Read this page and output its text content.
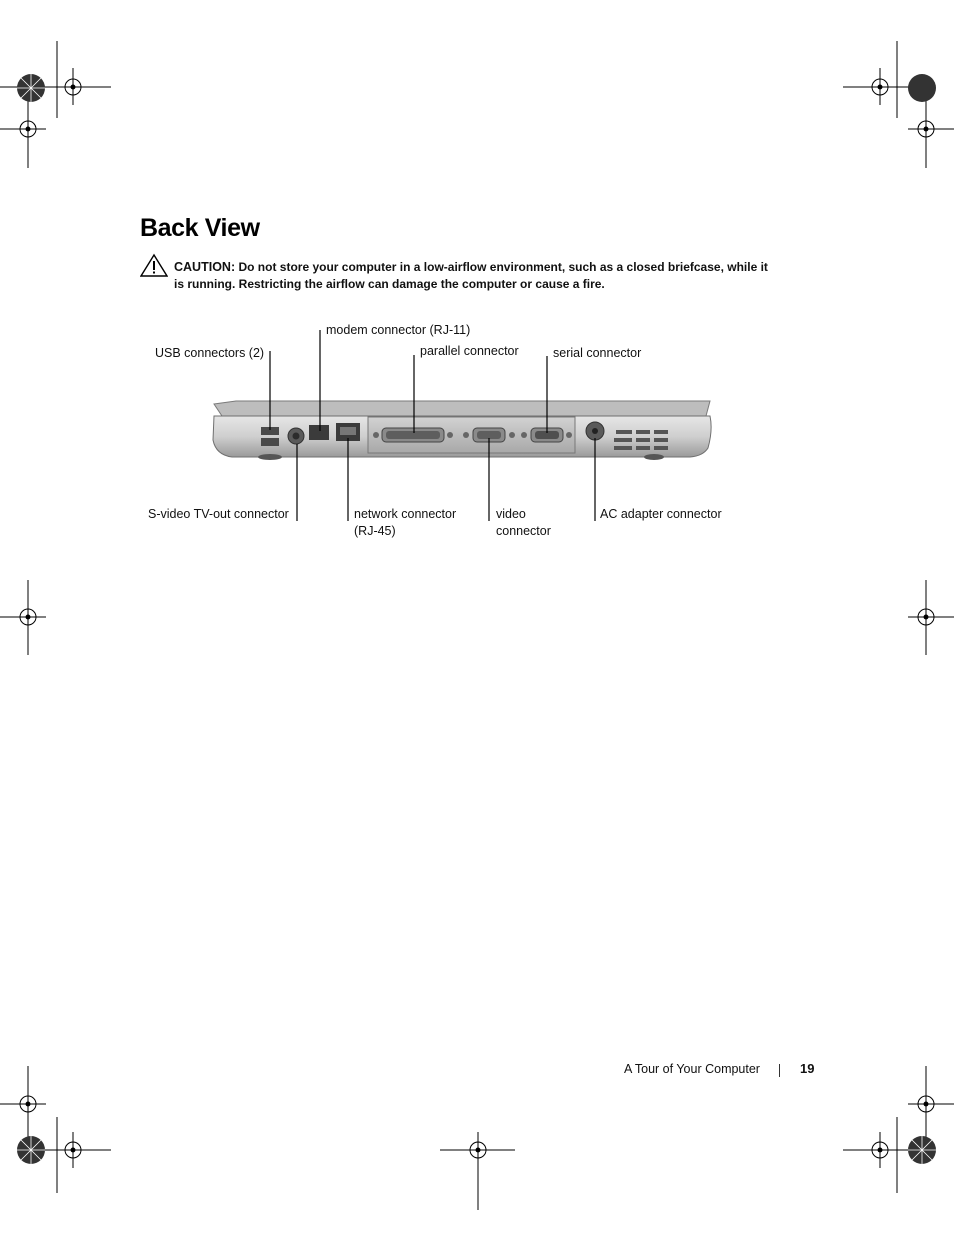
Back View
CAUTION: Do not store your computer in a low-airflow environment, such as a closed briefcase, while it is running. Restricting the airflow can damage the computer or cause a fire.
USB connectors (2)
modem connector (RJ-11)
parallel connector	serial connector
S-video TV-out connector	network connector
(RJ-45)
video
connector
AC adapter connector
A Tour of Your Computer	19
